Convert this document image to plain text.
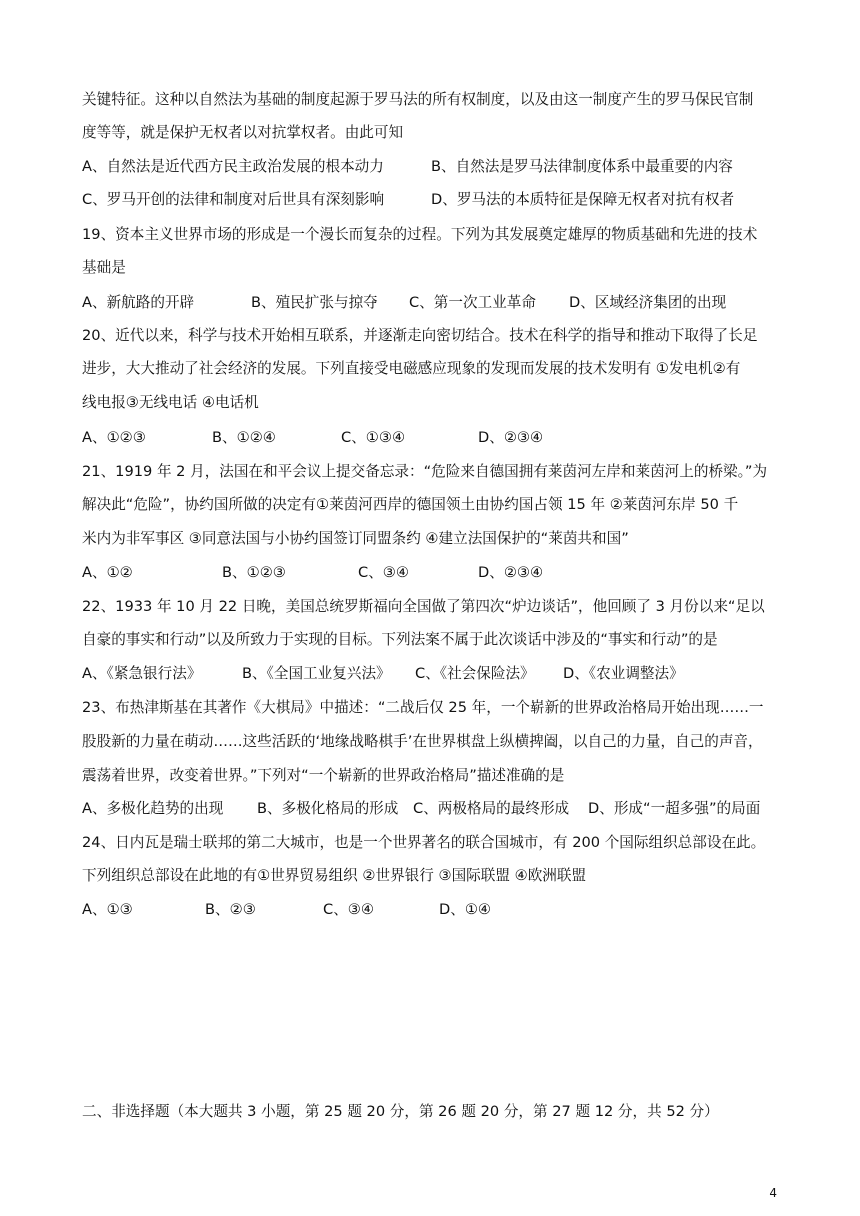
关键特征。这种以自然法为基础的制度起源于罗马法的所有权制度，以及由这一制度产生的罗马保民官制
度等等，就是保护无权者以对抗掌权者。由此可知
A、自然法是近代西方民主政治发展的根本动力	B、自然法是罗马法律制度体系中最重要的内容
C、罗马开创的法律和制度对后世具有深刻影响	D、罗马法的本质特征是保障无权者对抗有权者
19、资本主义世界市场的形成是一个漫长而复杂的过程。下列为其发展奠定雄厚的物质基础和先进的技术
基础是
A、新航路的开辟	B、殖民扩张与掠夺 C、第一次工业革命 D、区域经济集团的出现
20、近代以来，科学与技术开始相互联系，并逐渐走向密切结合。技术在科学的指导和推动下取得了长足
进步，大大推动了社会经济的发展。下列直接受电磁感应现象的发现而发展的技术发明有 ①发电机②有
线电报③无线电话 ④电话机
A、①②③	B、①②④	C、①③④	D、②③④
21、1919 年 2 月，法国在和平会议上提交备忘录：“危险来自德国拥有莱茵河左岸和莱茵河上的桥梁。”为
解决此“危险”，协约国所做的决定有①莱茵河西岸的德国领土由协约国占领 15 年 ②莱茵河东岸 50 千
米内为非军事区 ③同意法国与小协约国签订同盟条约 ④建立法国保护的“莱茵共和国”
A、①②	B、①②③	C、③④	D、②③④
22、1933 年 10 月 22 日晚，美国总统罗斯福向全国做了第四次“炉边谈话”，他回顾了 3 月份以来“足以
自豪的事实和行动”以及所致力于实现的目标。下列法案不属于此次谈话中涉及的“事实和行动”的是
A、《紧急银行法》	B、《全国工业复兴法》 C、《社会保险法》 D、《农业调整法》
23、布热津斯基在其著作《大棋局》中描述：“二战后仅 25 年，一个崭新的世界政治格局开始出现……一
股股新的力量在萌动……这些活跃的‘地缘战略棋手’在世界棋盘上纵横捭阖，以自己的力量，自己的声音，
震荡着世界，改变着世界。”下列对“一个崭新的世界政治格局”描述准确的是
A、多极化趋势的出现 B、多极化格局的形成 C、两极格局的最终形成 D、形成“一超多强”的局面
24、日内瓦是瑞士联邦的第二大城市，也是一个世界著名的联合国城市，有 200 个国际组织总部设在此。
下列组织总部设在此地的有①世界贸易组织 ②世界银行 ③国际联盟 ④欧洲联盟
A、①③	B、②③	C、③④	D、①④
二、非选择题（本大题共 3 小题，第 25 题 20 分，第 26 题 20 分，第 27 题 12 分，共 52 分）
4
